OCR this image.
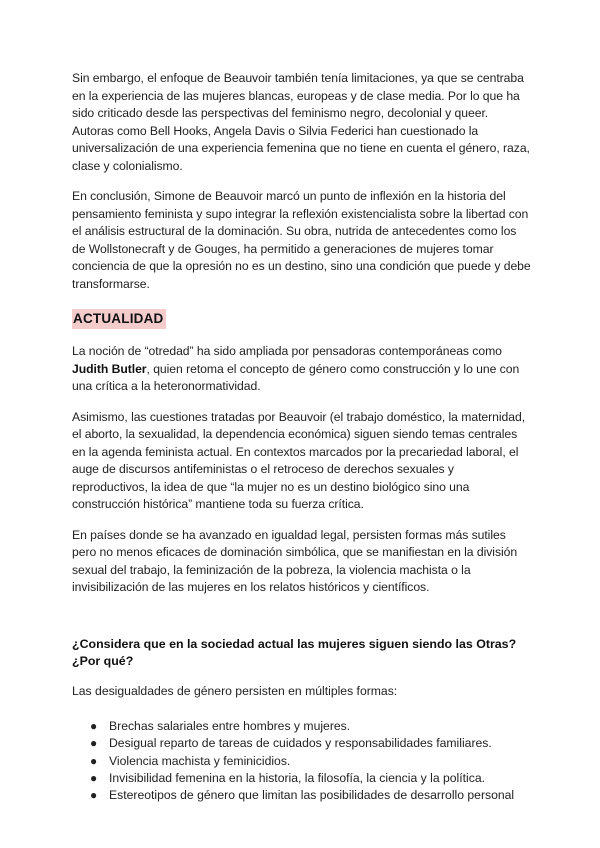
Sin embargo, el enfoque de Beauvoir también tenía limitaciones, ya que se centraba en la experiencia de las mujeres blancas, europeas y de clase media. Por lo que ha sido criticado desde las perspectivas del feminismo negro, decolonial y queer. Autoras como Bell Hooks, Angela Davis o Silvia Federici han cuestionado la universalización de una experiencia femenina que no tiene en cuenta el género, raza, clase y colonialismo.

En conclusión, Simone de Beauvoir marcó un punto de inflexión en la historia del pensamiento feminista y supo integrar la reflexión existencialista sobre la libertad con el análisis estructural de la dominación. Su obra, nutrida de antecedentes como los de Wollstonecraft y de Gouges, ha permitido a generaciones de mujeres tomar conciencia de que la opresión no es un destino, sino una condición que puede y debe transformarse.

ACTUALIDAD

La noción de “otredad” ha sido ampliada por pensadoras contemporáneas como Judith Butler, quien retoma el concepto de género como construcción y lo une con una crítica a la heteronormatividad.

Asimismo, las cuestiones tratadas por Beauvoir (el trabajo doméstico, la maternidad, el aborto, la sexualidad, la dependencia económica) siguen siendo temas centrales en la agenda feminista actual. En contextos marcados por la precariedad laboral, el auge de discursos antifeministas o el retroceso de derechos sexuales y reproductivos, la idea de que “la mujer no es un destino biológico sino una construcción histórica” mantiene toda su fuerza crítica.

En países donde se ha avanzado en igualdad legal, persisten formas más sutiles pero no menos eficaces de dominación simbólica, que se manifiestan en la división sexual del trabajo, la feminización de la pobreza, la violencia machista o la invisibilización de las mujeres en los relatos históricos y científicos.

¿Considera que en la sociedad actual las mujeres siguen siendo las Otras? ¿Por qué?

Las desigualdades de género persisten en múltiples formas:

● Brechas salariales entre hombres y mujeres.
● Desigual reparto de tareas de cuidados y responsabilidades familiares.
● Violencia machista y feminicidios.
● Invisibilidad femenina en la historia, la filosofía, la ciencia y la política.
● Estereotipos de género que limitan las posibilidades de desarrollo personal
